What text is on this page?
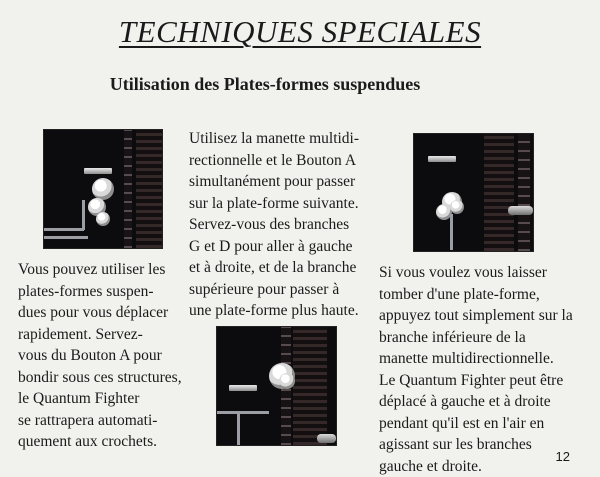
TECHNIQUES SPECIALES
Utilisation des Plates-formes suspendues
Vous pouvez utiliser les
plates-formes suspen-
dues pour vous déplacer
rapidement. Servez-
vous du Bouton A pour
bondir sous ces structures,
le Quantum Fighter
se rattrapera automati-
quement aux crochets.
Utilisez la manette multidi-
rectionnelle et le Bouton A
simultanément pour passer
sur la plate-forme suivante.
Servez-vous des branches
G et D pour aller à gauche
et à droite, et de la branche
supérieure pour passer à
une plate-forme plus haute.
Si vous voulez vous laisser
tomber d'une plate-forme,
appuyez tout simplement sur la
branche inférieure de la
manette multidirectionnelle.
Le Quantum Fighter peut être
déplacé à gauche et à droite
pendant qu'il est en l'air en
agissant sur les branches
gauche et droite.
12
